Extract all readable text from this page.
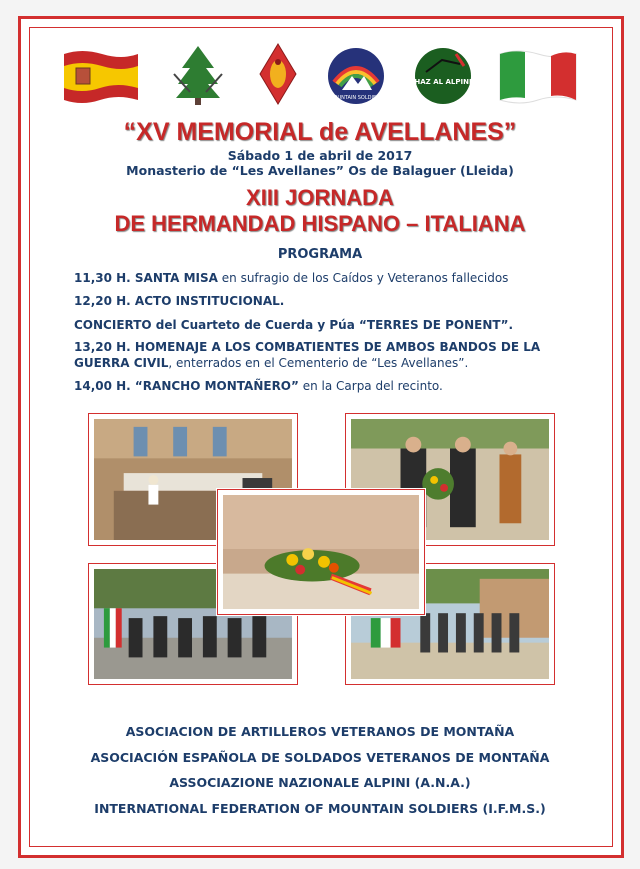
MOUNTAIN SOLDIERS
HAZ AL ALPINI
“XV MEMORIAL de AVELLANES”
Sábado 1 de abril de 2017
Monasterio de “Les Avellanes” Os de Balaguer (Lleida)
XIII JORNADA
DE HERMANDAD HISPANO – ITALIANA
PROGRAMA
11,30 H. SANTA MISA en sufragio de los Caídos y Veteranos fallecidos
12,20 H. ACTO INSTITUCIONAL.
CONCIERTO del Cuarteto de Cuerda y Púa “TERRES DE PONENT”.
13,20 H. HOMENAJE A LOS COMBATIENTES DE AMBOS BANDOS DE LA GUERRA CIVIL, enterrados en el Cementerio de “Les Avellanes”.
14,00 H. “RANCHO MONTAÑERO” en la Carpa del recinto.
ASOCIACION DE ARTILLEROS VETERANOS DE MONTAÑA
ASOCIACIÓN ESPAÑOLA DE SOLDADOS VETERANOS DE MONTAÑA
ASSOCIAZIONE NAZIONALE ALPINI (A.N.A.)
INTERNATIONAL FEDERATION OF MOUNTAIN SOLDIERS (I.F.M.S.)
